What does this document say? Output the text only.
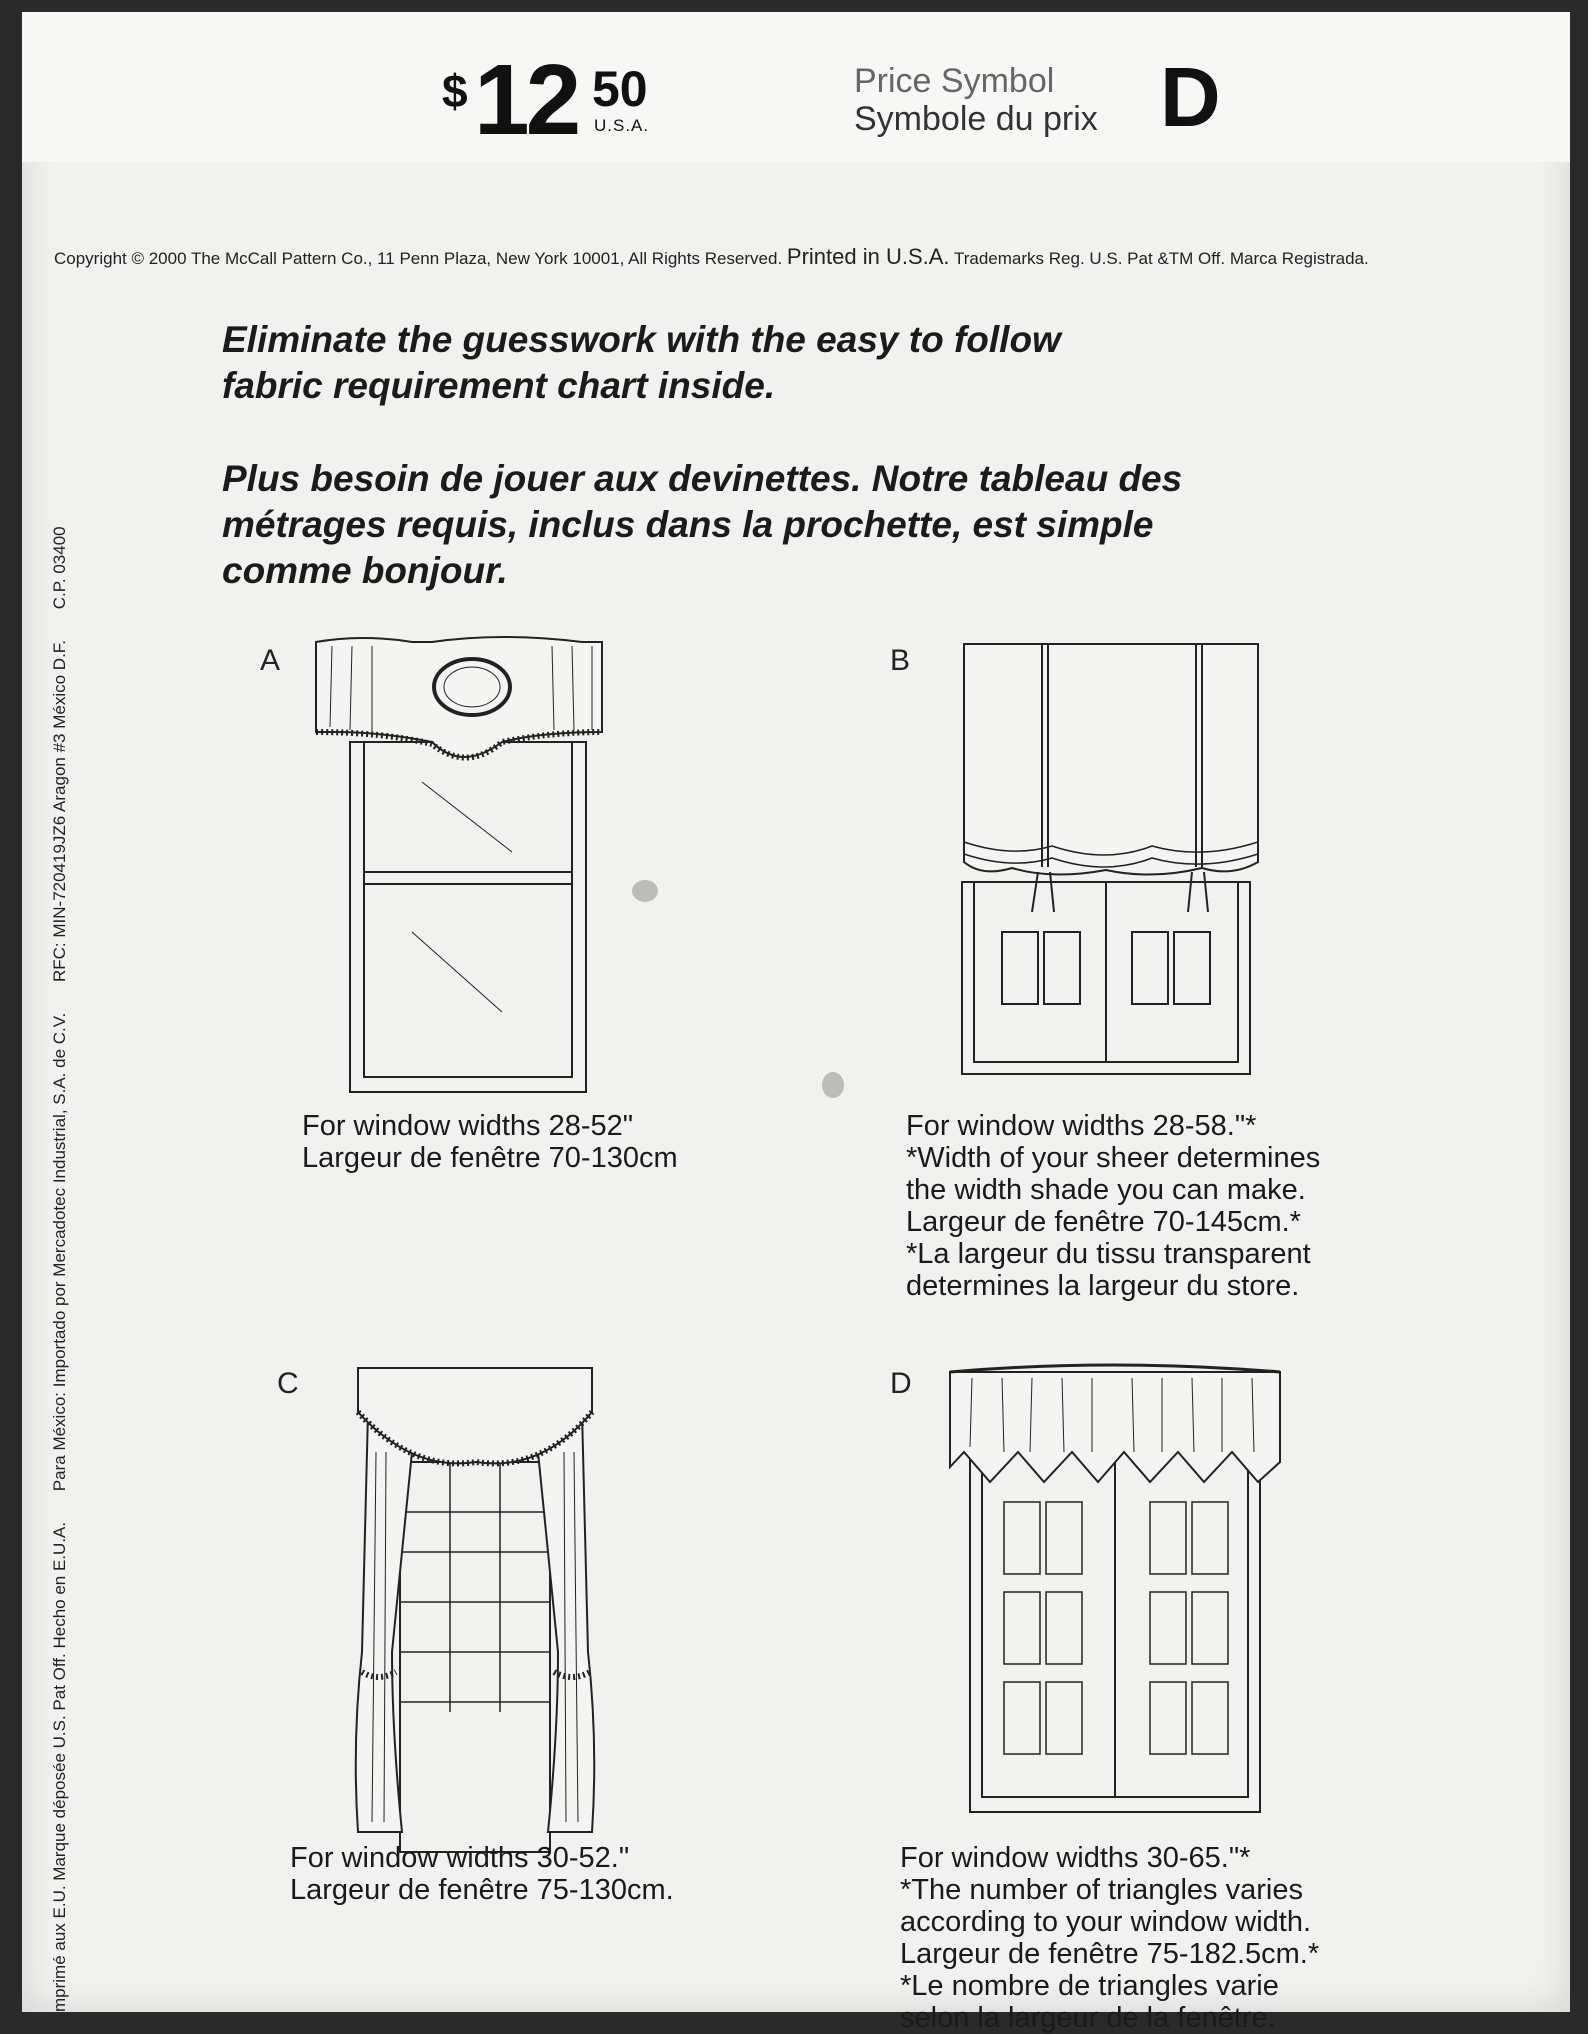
$ 12 50
U.S.A.
Price Symbol
Symbole du prix D
Copyright © 2000 The McCall Pattern Co., 11 Penn Plaza, New York 10001, All Rights Reserved. Printed in U.S.A. Trademarks Reg. U.S. Pat &TM Off. Marca Registrada.
Eliminate the guesswork with the easy to follow
fabric requirement chart inside.
Plus besoin de jouer aux devinettes. Notre tableau des
métrages requis, inclus dans la prochette, est simple
comme bonjour.
mprimé aux E.U. Marque déposée U.S. Pat Off. Hecho en E.U.A. Para México: Importado por Mercadotec Industrial, S.A. de C.V. RFC: MIN-720419JZ6 Aragon #3 México D.F. C.P. 03400
A
For window widths 28-52"
Largeur de fenêtre 70-130cm
B
For window widths 28-58."*
*Width of your sheer determines
the width shade you can make.
Largeur de fenêtre 70-145cm.*
*La largeur du tissu transparent
determines la largeur du store.
C
For window widths 30-52."
Largeur de fenêtre 75-130cm.
D
For window widths 30-65."*
*The number of triangles varies
according to your window width.
Largeur de fenêtre 75-182.5cm.*
*Le nombre de triangles varie
selon la largeur de la fenêtre.
